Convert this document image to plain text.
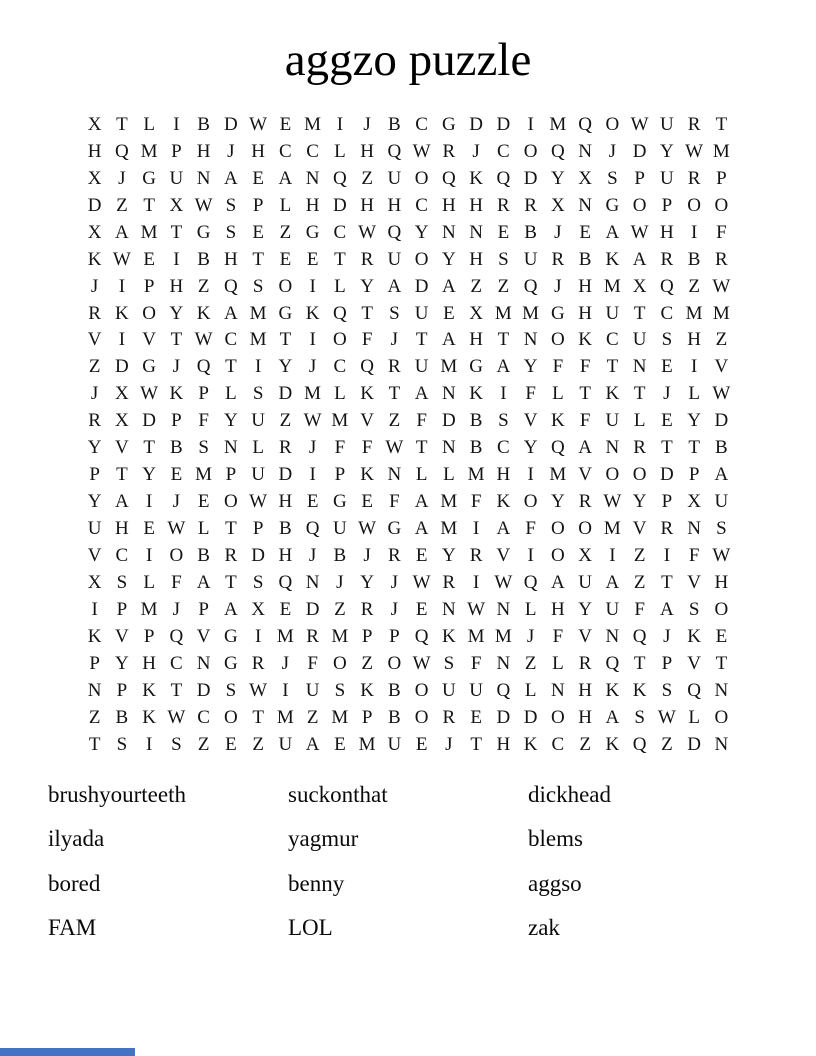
aggzo puzzle
X T L I B D W E M I	J B C G D D I M Q O W U R T
H Q M P H J H C C L H Q W R J C O Q N J D Y W M
X J G U N A E A N Q Z U O Q K Q D Y X S P U R P
D Z T X W S P L H D H H C H H R R X N G O P O O
X A M T G S E Z G C W Q Y N N E B J E A W H I F
K W E I B H T E E T R U O Y H S U R B K A R B R
J	I P H Z Q S O I L Y A D A Z Z Q J H M X Q Z W
R K O Y K A M G K Q T S U E X M M G H U T C M M
V I V T W C M T I O F J T A H T N O K C U S H Z
Z D G J Q T I Y J C Q R U M G A Y F F T N E I V
J X W K P L S D M L K T A N K I F L T K T J L W
R X D P F Y U Z W M V Z F D B S V K F U L E Y D
Y V T B S N L R J F F W T N B C Y Q A N R T T B
P T Y E M P U D I P K N L L M H I M V O O D P A
Y A I	J E O W H E G E F A M F K O Y R W Y P X U
U H E W L T P B Q U W G A M I A F O O M V R N S
V C I O B R D H J B J R E Y R V I O X I Z I F W
X S L F A T S Q N J Y J W R I W Q A U A Z T V H
I P M J P A X E D Z R J E N W N L H Y U F A S O
K V P Q V G I M R M P P Q K M M J F V N Q J K E
P Y H C N G R J F O Z O W S F N Z L R Q T P V T
N P K T D S W I U S K B O U U Q L N H K K S Q N
Z B K W C O T M Z M P B O R E D D O H A S W L O
T S I S Z E Z U A E M U E J T H K C Z K Q Z D N
brushyourteeth	suckonthat	dickhead
ilyada	yagmur	blems
bored	benny	aggso
FAM	LOL	zak
